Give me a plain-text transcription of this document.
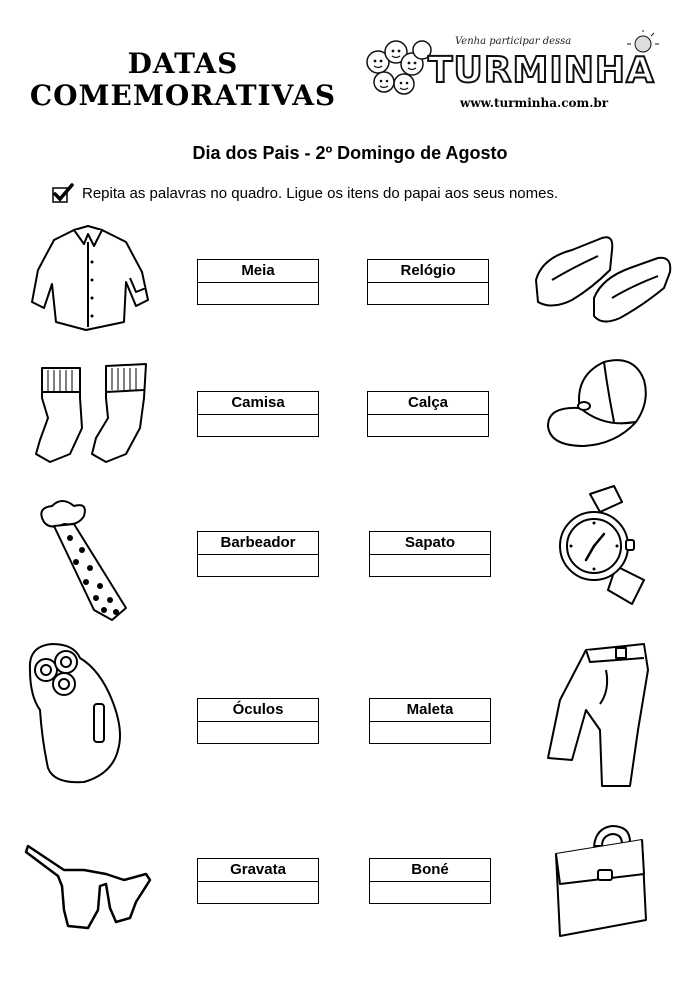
DATAS
COMEMORATIVAS
Venha participar dessa
TURMINHA
www.turminha.com.br
Dia dos Pais - 2º Domingo de Agosto
Repita as palavras no quadro. Ligue os itens do papai aos seus nomes.
Meia
Camisa
Barbeador
Óculos
Gravata
Relógio
Calça
Sapato
Maleta
Boné
